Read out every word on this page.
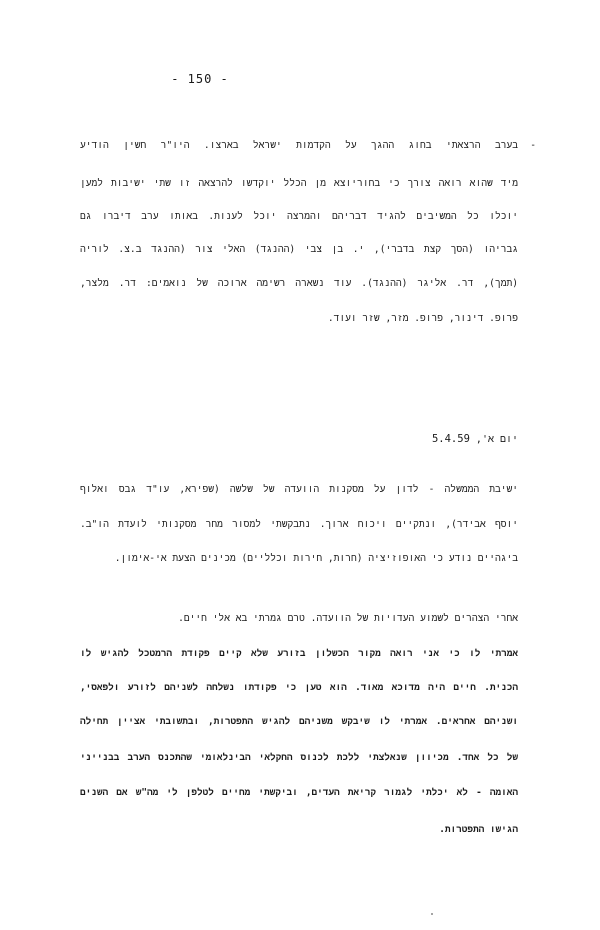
- 150 -
-
בערב הרצאתי בחוג ההגך על הקדמות ישראל בארצו. היו"ר חשין הודיע
מיד שהוא רואה צורך כי בחוריוצא מן הכלל יוקדשו להרצאה זו שתי ישיבות למען
יוכלו כל המשיבים להגיד דבריהם והמרצה יוכל לענות. באותו ערב דיברו גם
גבריהו (הסך קצת בדברי), י. בן צבי (ההנגד) האלי צור (ההנגד ב.צ. לוריה
(תמך), דר. אליגר (ההנגד). עוד נשארה רשימה ארוכה של נואמים: דר. מלצר,
פרופ. דינור, פרופ. מזר, שזר ועוד.
יום א', 5.4.59
ישיבת הממשלה - לדון על מסקנות הוועדה של שלשה (שפירא, עו"ד גבס ואלוף
יוסף אבידר), ונתקיים ויכוח ארוך. נתבקשתי למסור מחר מסקנותי לועדת הו"ב.
ביגהיים נודע כי האופוזיציה (חרות, חירות וכלליים) מכינים הצעת אי-אימון.
אחרי הצהרים לשמוע העדויות של הוועדה. טרם גמרתי בא אלי חיים.
אמרתי לו כי אני רואה מקור הכשלון בזורע שלא קיים פקודת הרמטכל להגיש לו
הכנית. חיים היה מדוכא מאוד. הוא טען כי פקודתו נשלחה לשניהם לזורע ולפאסי,
ושניהם אחראים. אמרתי לו שיבקש משניהם להגיש התפטרות, ובתשובתי אציין תחילה
של כל אחד. מכיוון שנאלצתי ללכת לכנוס החקלאי הבינלאומי שהתכנס הערב בבנייני
האומה - לא יכלתי לגמור קריאת העדים, וביקשתי מחיים לטלפן לי מה"ש אם השנים
הגישו התפטרות.
